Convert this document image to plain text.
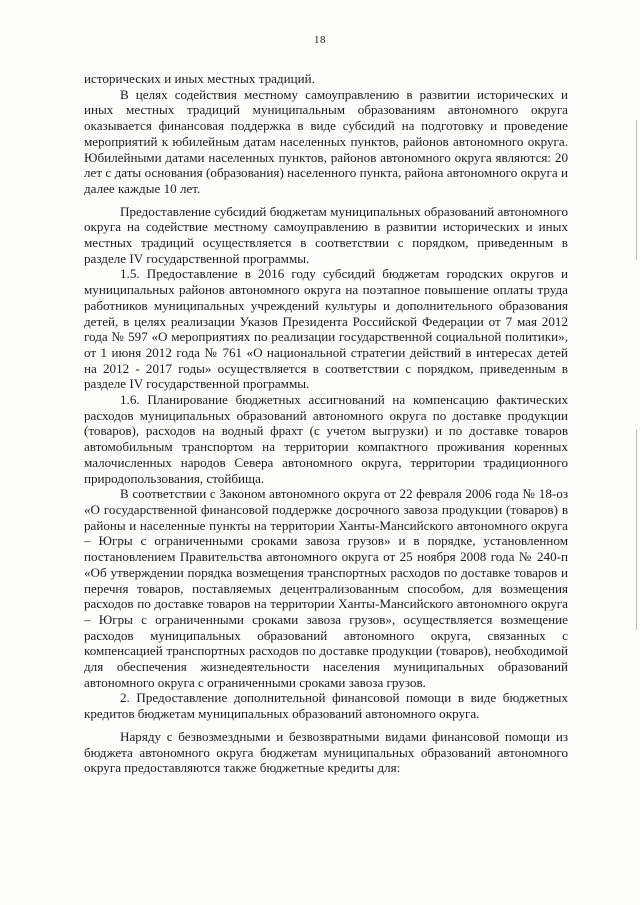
18

исторических и иных местных традиций.

В целях содействия местному самоуправлению в развитии исторических и иных местных традиций муниципальным образованиям автономного округа оказывается финансовая поддержка в виде субсидий на подготовку и проведение мероприятий к юбилейным датам населенных пунктов, районов автономного округа. Юбилейными датами населенных пунктов, районов автономного округа являются: 20 лет с даты основания (образования) населенного пункта, района автономного округа и далее каждые 10 лет.

Предоставление субсидий бюджетам муниципальных образований автономного округа на содействие местному самоуправлению в развитии исторических и иных местных традиций осуществляется в соответствии с порядком, приведенным в разделе IV государственной программы.

1.5. Предоставление в 2016 году субсидий бюджетам городских округов и муниципальных районов автономного округа на поэтапное повышение оплаты труда работников муниципальных учреждений культуры и дополнительного образования детей, в целях реализации Указов Президента Российской Федерации от 7 мая 2012 года № 597 «О мероприятиях по реализации государственной социальной политики», от 1 июня 2012 года № 761 «О национальной стратегии действий в интересах детей на 2012 - 2017 годы» осуществляется в соответствии с порядком, приведенным в разделе IV государственной программы.

1.6. Планирование бюджетных ассигнований на компенсацию фактических расходов муниципальных образований автономного округа по доставке продукции (товаров), расходов на водный фрахт (с учетом выгрузки) и по доставке товаров автомобильным транспортом на территории компактного проживания коренных малочисленных народов Севера автономного округа, территории традиционного природопользования, стойбища.

В соответствии с Законом автономного округа от 22 февраля 2006 года № 18-оз «О государственной финансовой поддержке досрочного завоза продукции (товаров) в районы и населенные пункты на территории Ханты-Мансийского автономного округа – Югры с ограниченными сроками завоза грузов» и в порядке, установленном постановлением Правительства автономного округа от 25 ноября 2008 года № 240-п «Об утверждении порядка возмещения транспортных расходов по доставке товаров и перечня товаров, поставляемых децентрализованным способом, для возмещения расходов по доставке товаров на территории Ханты-Мансийского автономного округа – Югры с ограниченными сроками завоза грузов», осуществляется возмещение расходов муниципальных образований автономного округа, связанных с компенсацией транспортных расходов по доставке продукции (товаров), необходимой для обеспечения жизнедеятельности населения муниципальных образований автономного округа с ограниченными сроками завоза грузов.

2. Предоставление дополнительной финансовой помощи в виде бюджетных кредитов бюджетам муниципальных образований автономного округа.

Наряду с безвозмездными и безвозвратными видами финансовой помощи из бюджета автономного округа бюджетам муниципальных образований автономного округа предоставляются также бюджетные кредиты для:
